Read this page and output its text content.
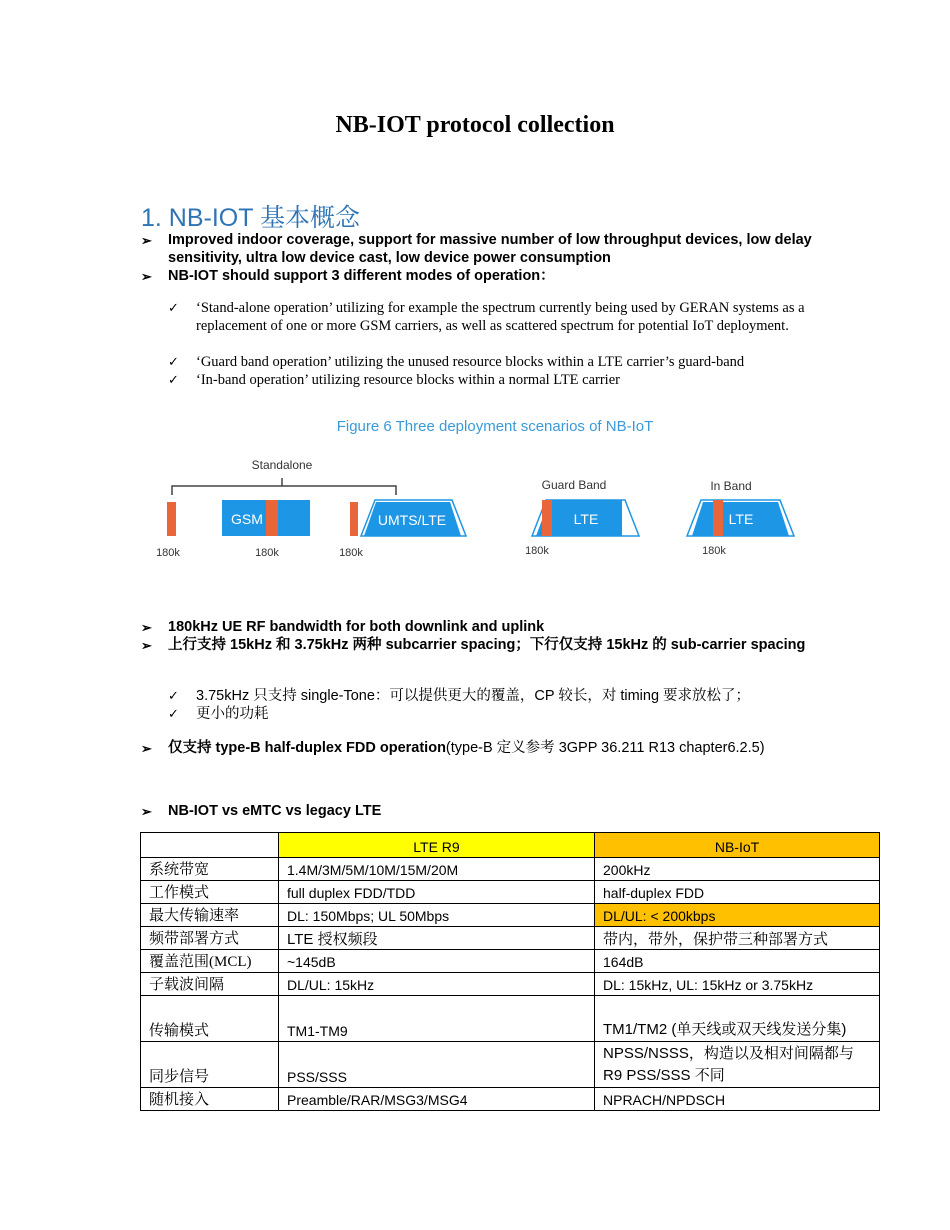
NB-IOT protocol collection
1. NB-IOT 基本概念
➢ Improved indoor coverage, support for massive number of low throughput devices, low delay sensitivity, ultra low device cast, low device power consumption
➢ NB-IOT should support 3 different modes of operation：
✓ ‘Stand-alone operation’ utilizing for example the spectrum currently being used by GERAN systems as a replacement of one or more GSM carriers, as well as scattered spectrum for potential IoT deployment.
✓ ‘Guard band operation’ utilizing the unused resource blocks within a LTE carrier’s guard-band
✓ ‘In-band operation’ utilizing resource blocks within a normal LTE carrier
Figure 6 Three deployment scenarios of NB-IoT
Standalone
GSM	UMTS/LTE
180k	180k	180k
Guard Band
LTE
180k
In Band
LTE
180k
➢ 180kHz UE RF bandwidth for both downlink and uplink
➢ 上行支持 15kHz 和 3.75kHz 两种 subcarrier spacing；下行仅支持 15kHz 的 sub-carrier spacing
✓ 3.75kHz 只支持 single-Tone：可以提供更大的覆盖，CP 较长，对 timing 要求放松了；
✓ 更小的功耗
➢ 仅支持 type-B half-duplex FDD operation(type-B 定义参考 3GPP 36.211 R13 chapter6.2.5)
➢ NB-IOT vs eMTC vs legacy LTE
	LTE R9	NB-IoT
系统带宽	1.4M/3M/5M/10M/15M/20M	200kHz
工作模式	full duplex FDD/TDD	half-duplex FDD
最大传输速率	DL: 150Mbps; UL 50Mbps	DL/UL: < 200kbps
频带部署方式	LTE 授权频段	带内，带外，保护带三种部署方式
覆盖范围(MCL)	~145dB	164dB
子载波间隔	DL/UL: 15kHz	DL: 15kHz, UL: 15kHz or 3.75kHz
传输模式	TM1-TM9	TM1/TM2 (单天线或双天线发送分集)
同步信号	PSS/SSS	NPSS/NSSS，构造以及相对间隔都与 R9 PSS/SSS 不同
随机接入	Preamble/RAR/MSG3/MSG4	NPRACH/NPDSCH
